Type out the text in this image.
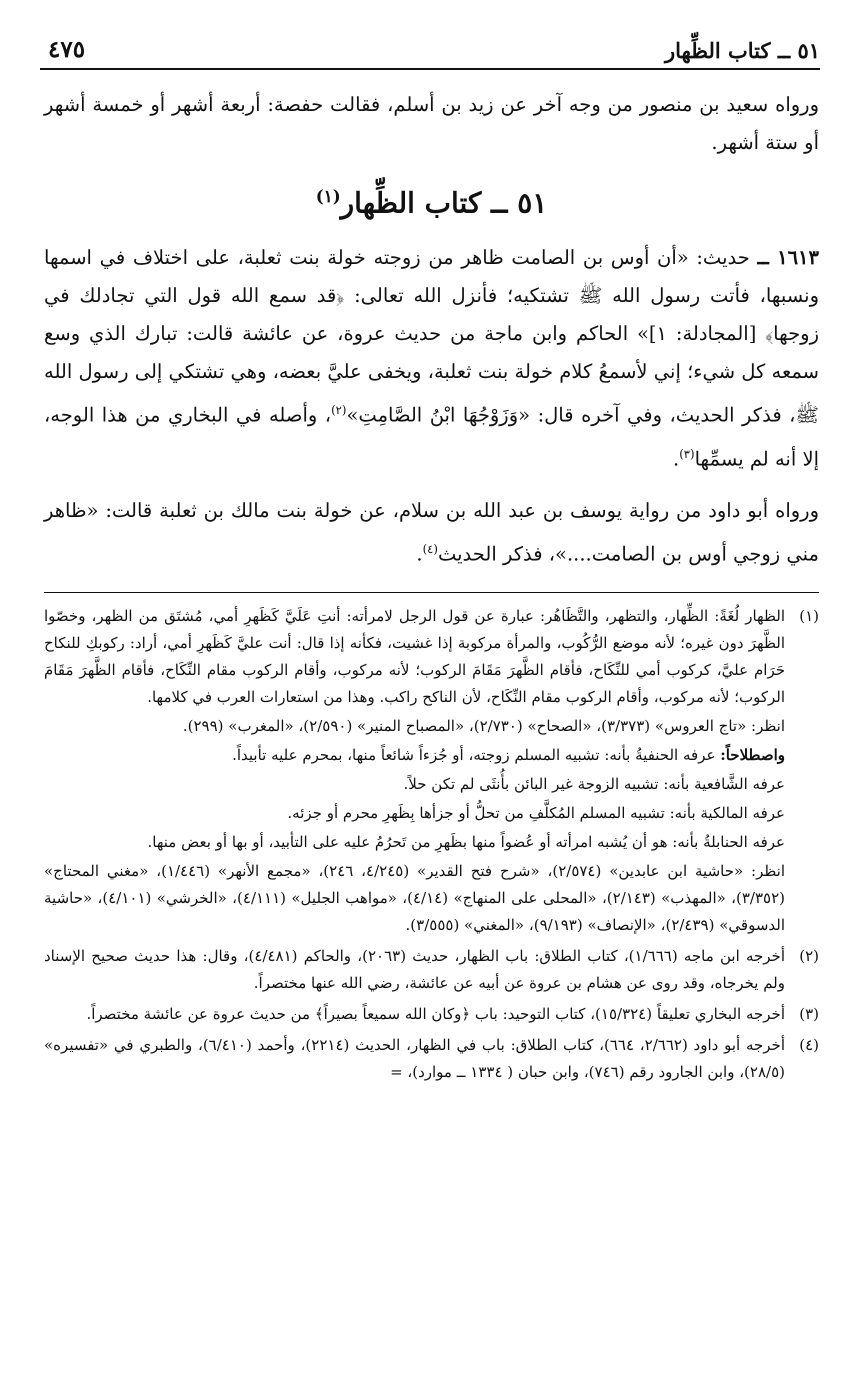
٥١ ــ كتاب الظِّهار
٤٧٥

ورواه سعيد بن منصور من وجه آخر عن زيد بن أسلم، فقالت حفصة: أربعة أشهر أو خمسة أشهر أو ستة أشهر.

٥١ ــ كتاب الظِّهار$^{(١)}$

١٦١٣ ــ حديث: «أن أوس بن الصامت ظاهر من زوجته خولة بنت ثعلبة، على اختلاف في اسمها ونسبها، فأتت رسول الله ﷺ تشتكيه؛ فأنزل الله تعالى: ﴿قد سمع الله قول التي تجادلك في زوجها﴾ [المجادلة: ١]» الحاكم وابن ماجة من حديث عروة، عن عائشة قالت: تبارك الذي وسع سمعه كل شيء؛ إني لأسمعُ كلام خولة بنت ثعلبة، ويخفى عليَّ بعضه، وهي تشتكي إلى رسول الله ﷺ، فذكر الحديث، وفي آخره قال: «وَزَوْجُهَا ابْنُ الصَّامِتِ»$^{(٢)}$، وأصله في البخاري من هذا الوجه، إلا أنه لم يسمِّها$^{(٣)}$.

ورواه أبو داود من رواية يوسف بن عبد الله بن سلام، عن خولة بنت مالك بن ثعلبة قالت: «ظاهر مني زوجي أوس بن الصامت....»، فذكر الحديث$^{(٤)}$.

(١)الظهار لُغَةً: الظِّهار، والتظهر، والتَّظَاهُر: عبارة عن قول الرجل لامرأته: أنتِ عَلَيَّ كَظَهرِ أمي، مُشتَق من الظهر، وخصّوا الظَّهرَ دون غيره؛ لأنه موضع الرُّكُوب، والمرأة مركوبة إذا غشيت، فكأنه إذا قال: أنت عليَّ كَظَهرِ أمي، أراد: ركوبكِ للنكاح حَرَام عليَّ، كركوب أمي للنِّكَاح، فأقام الظَّهرَ مَقَامَ الركوب؛ لأنه مركوب، وأقام الركوب مقام النِّكَاح، فأقام الظَّهرَ مَقَامَ الركوب؛ لأنه مركوب، وأقام الركوب مقام النِّكَاح، لأن الناكح راكب. وهذا من استعارات العرب في كلامها.
انظر: «تاج العروس» (٣/٣٧٣)، «الصحاح» (٢/٧٣٠)، «المصباح المنير» (٢/٥٩٠)، «المغرب» (٢٩٩).
واصطلاحاً: عرفه الحنفيةُ بأنه: تشبيه المسلم زوجته، أو جُزءاً شائعاً منها، بمحرم عليه تأبيداً.
عرفه الشَّافعية بأنه: تشبيه الزوجة غير البائن بأُنثَى لم تكن حلاً.
عرفه المالكية بأنه: تشبيه المسلم المُكلَّفِ من تحلُّ أو جزأها بِظَهرِ محرم أو جزئه.
عرفه الحنابلةُ بأنه: هو أن يُشبه امرأته أو عُضواً منها بظَهرِ من تَحرُمُ عليه على التأبيد، أو بها أو بعض منها.
انظر: «حاشية ابن عابدين» (٢/٥٧٤)، «شرح فتح القدير» (٤/٢٤٥، ٢٤٦)، «مجمع الأنهر» (١/٤٤٦)، «مغني المحتاج» (٣/٣٥٢)، «المهذب» (٢/١٤٣)، «المحلى على المنهاج» (٤/١٤)، «مواهب الجليل» (٤/١١١)، «الخرشي» (٤/١٠١)، «حاشية الدسوقي» (٢/٤٣٩)، «الإنصاف» (٩/١٩٣)، «المغني» (٣/٥٥٥).
(٢)أخرجه ابن ماجه (١/٦٦٦)، كتاب الطلاق: باب الظهار، حديث (٢٠٦٣)، والحاكم (٤/٤٨١)، وقال: هذا حديث صحيح الإسناد ولم يخرجاه، وقد روى عن هشام بن عروة عن أبيه عن عائشة، رضي الله عنها مختصراً.
(٣)أخرجه البخاري تعليقاً (١٥/٣٢٤)، كتاب التوحيد: باب ﴿وكان الله سميعاً بصيراً﴾ من حديث عروة عن عائشة مختصراً.
(٤)أخرجه أبو داود (٢/٦٦٢، ٦٦٤)، كتاب الطلاق: باب في الظهار، الحديث (٢٢١٤)، وأحمد (٦/٤١٠)، والطبري في «تفسيره» (٢٨/٥)، وابن الجارود رقم (٧٤٦)، وابن حبان ( ١٣٣٤ ــ موارد)، =
